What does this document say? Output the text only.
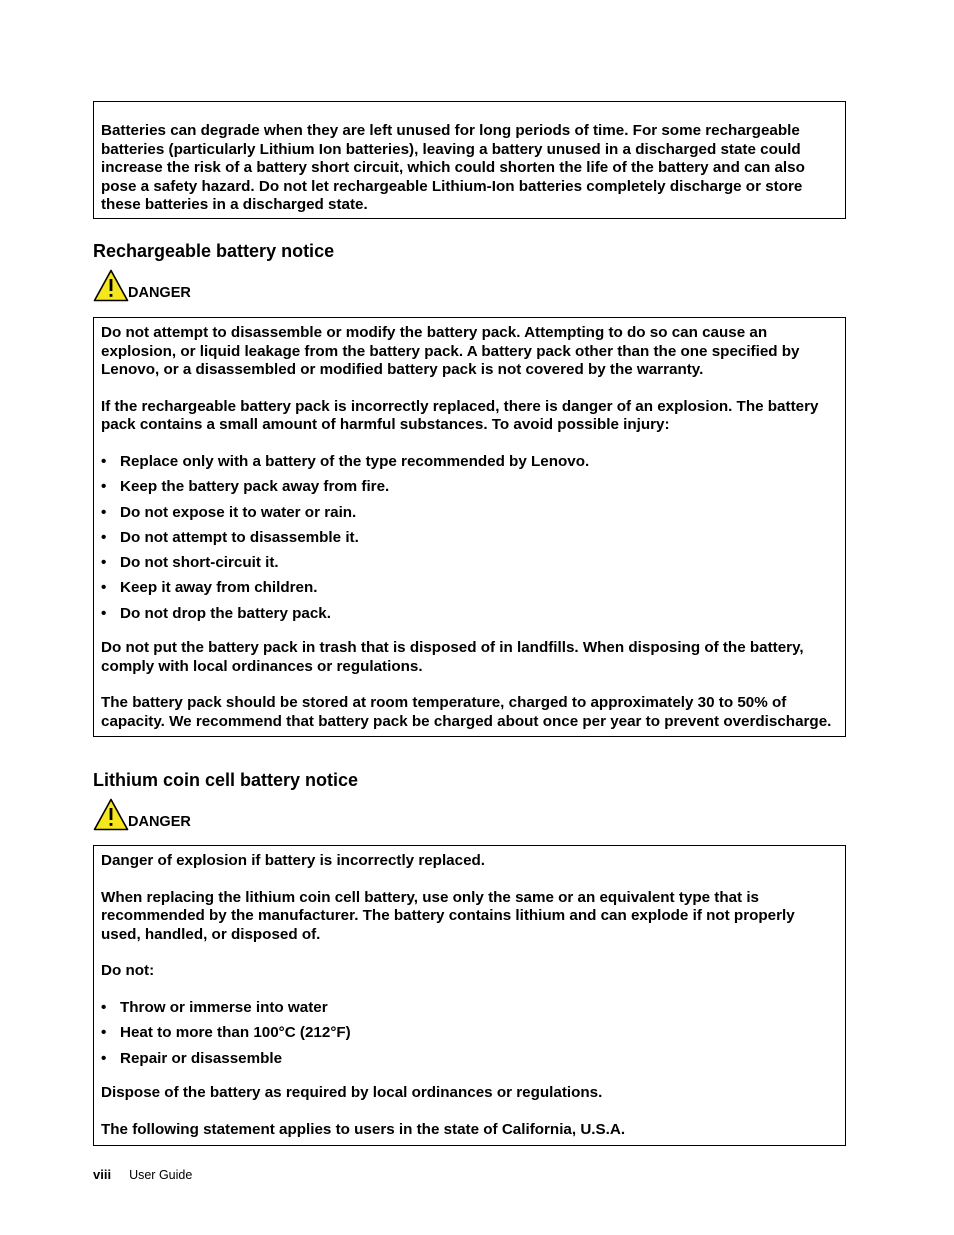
Batteries can degrade when they are left unused for long periods of time. For some rechargeable batteries (particularly Lithium Ion batteries), leaving a battery unused in a discharged state could increase the risk of a battery short circuit, which could shorten the life of the battery and can also pose a safety hazard. Do not let rechargeable Lithium-Ion batteries completely discharge or store these batteries in a discharged state.

Rechargeable battery notice
DANGER

Do not attempt to disassemble or modify the battery pack. Attempting to do so can cause an explosion, or liquid leakage from the battery pack. A battery pack other than the one specified by Lenovo, or a disassembled or modified battery pack is not covered by the warranty.

If the rechargeable battery pack is incorrectly replaced, there is danger of an explosion. The battery pack contains a small amount of harmful substances. To avoid possible injury:

• Replace only with a battery of the type recommended by Lenovo.
• Keep the battery pack away from fire.
• Do not expose it to water or rain.
• Do not attempt to disassemble it.
• Do not short-circuit it.
• Keep it away from children.
• Do not drop the battery pack.

Do not put the battery pack in trash that is disposed of in landfills. When disposing of the battery, comply with local ordinances or regulations.

The battery pack should be stored at room temperature, charged to approximately 30 to 50% of capacity. We recommend that battery pack be charged about once per year to prevent overdischarge.

Lithium coin cell battery notice
DANGER

Danger of explosion if battery is incorrectly replaced.

When replacing the lithium coin cell battery, use only the same or an equivalent type that is recommended by the manufacturer. The battery contains lithium and can explode if not properly used, handled, or disposed of.

Do not:

• Throw or immerse into water
• Heat to more than 100°C (212°F)
• Repair or disassemble

Dispose of the battery as required by local ordinances or regulations.

The following statement applies to users in the state of California, U.S.A.

viii User Guide
